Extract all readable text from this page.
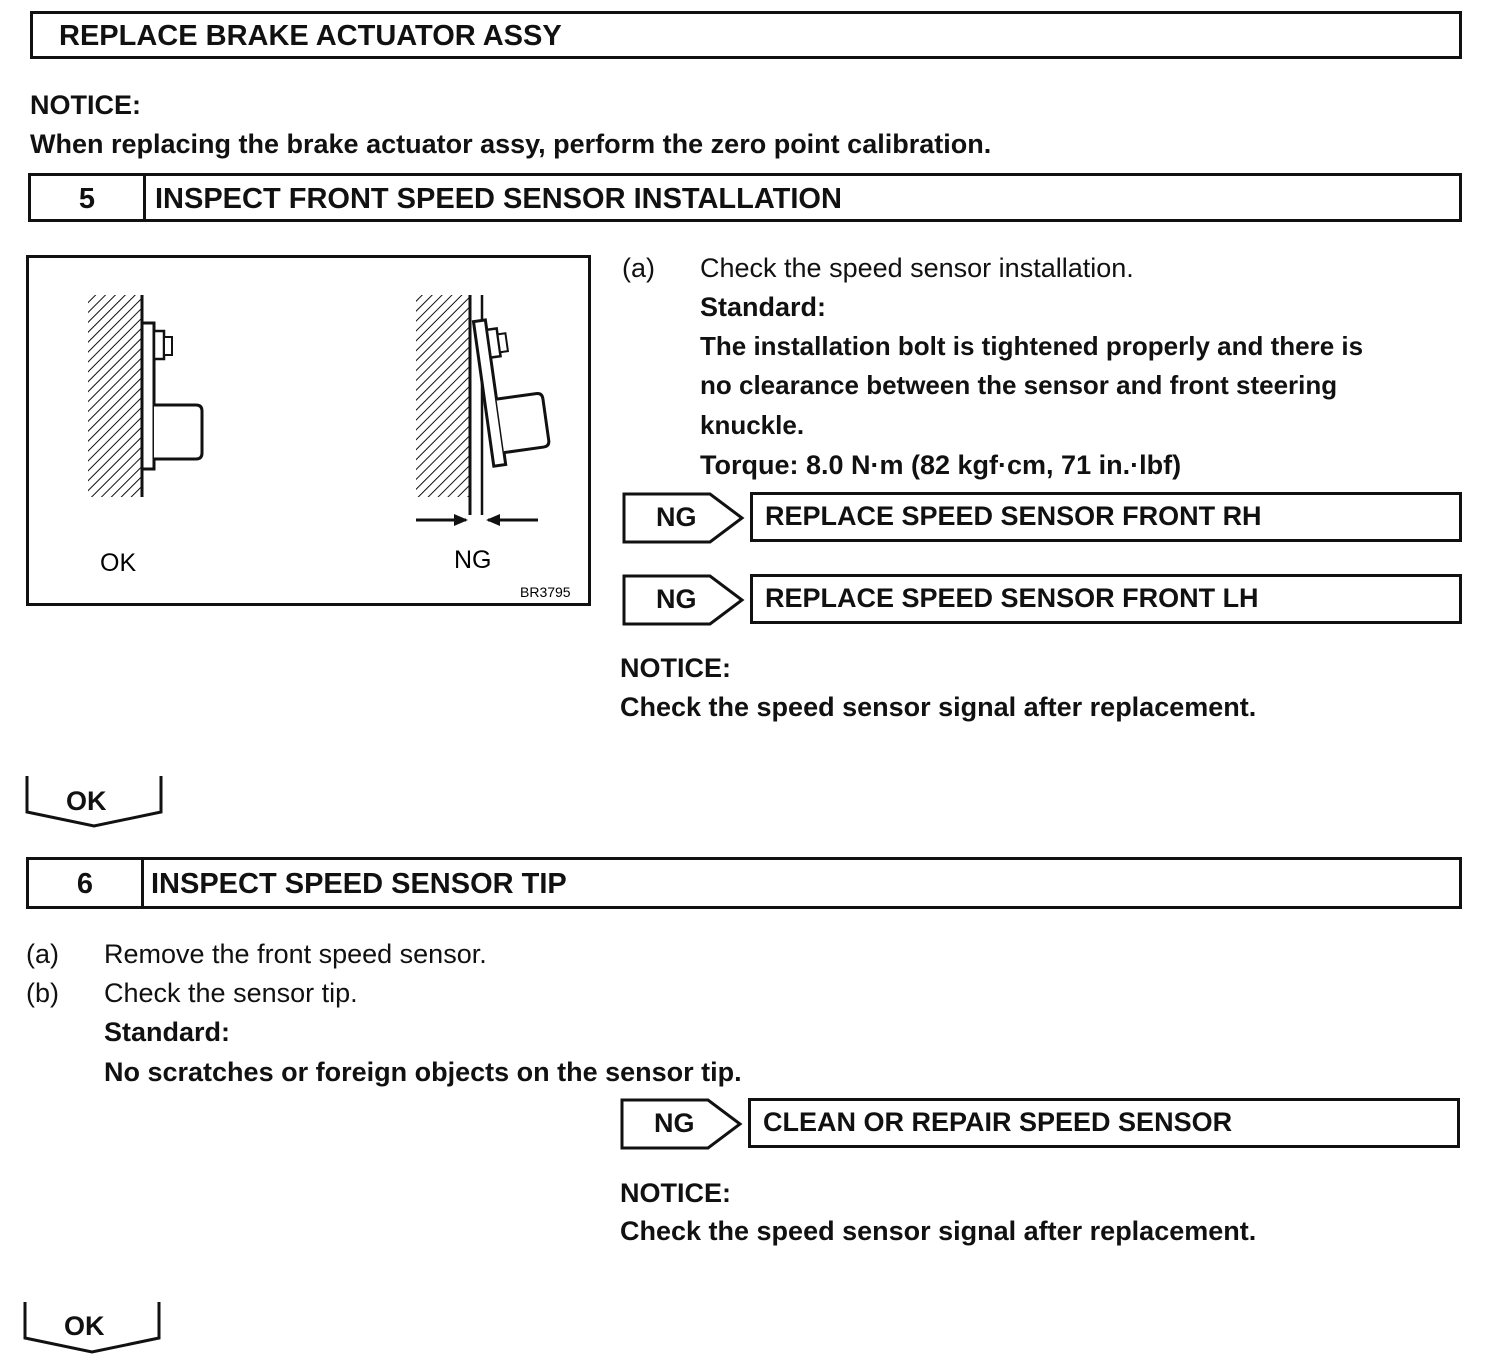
REPLACE BRAKE ACTUATOR ASSY
NOTICE:
When replacing the brake actuator assy, perform the zero point calibration.
5	INSPECT FRONT SPEED SENSOR INSTALLATION
OK	NG
BR3795
(a) Check the speed sensor installation.
Standard:
The installation bolt is tightened properly and there is
no clearance between the sensor and front steering
knuckle.
Torque: 8.0 N·m (82 kgf·cm, 71 in.·lbf)
NG	REPLACE SPEED SENSOR FRONT RH
NG	REPLACE SPEED SENSOR FRONT LH
NOTICE:
Check the speed sensor signal after replacement.
OK
6	INSPECT SPEED SENSOR TIP
(a) Remove the front speed sensor.
(b) Check the sensor tip.
Standard:
No scratches or foreign objects on the sensor tip.
NG	CLEAN OR REPAIR SPEED SENSOR
NOTICE:
Check the speed sensor signal after replacement.
OK
